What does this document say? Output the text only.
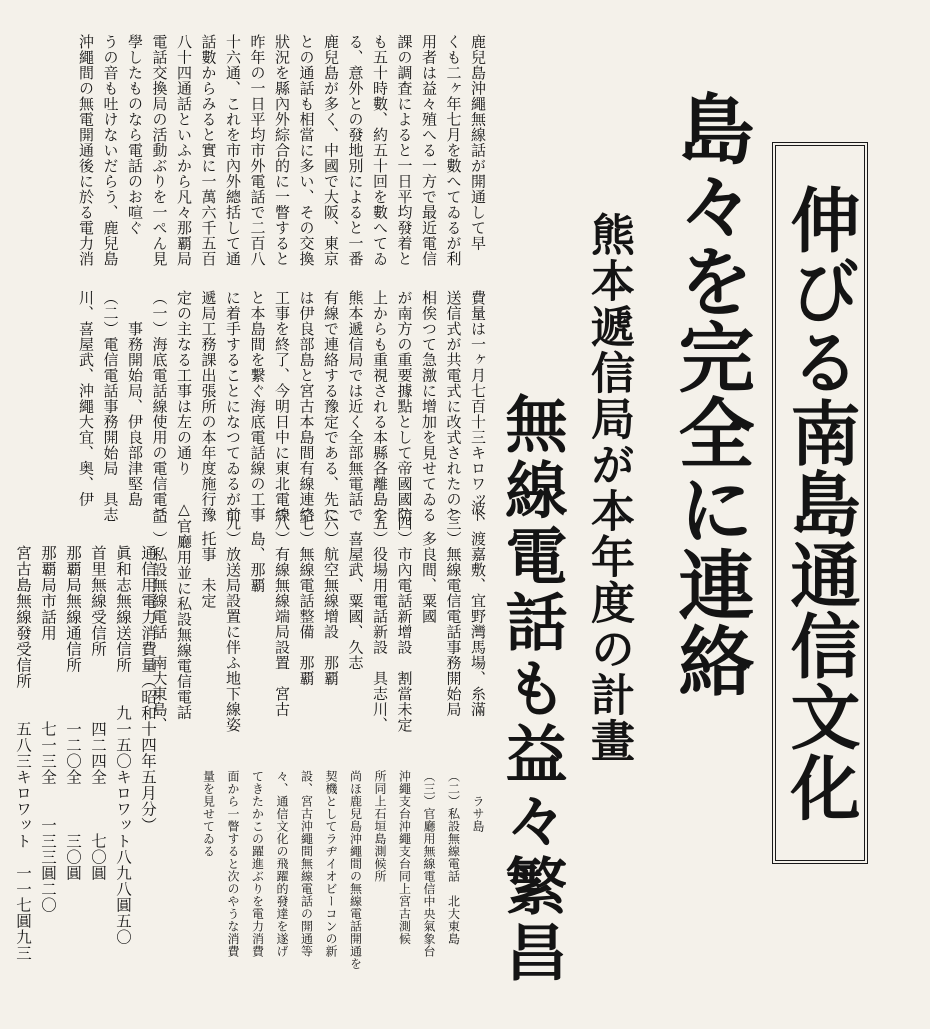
伸びる南島通信文化
島々を完全に連絡
熊本遞信局が本年度の計畫
無線電話も益々繁昌

鹿兒島沖繩無線話が開通して早

くも二ヶ年七月を數へてゐるが利

用者は益々殖へる一方で最近電信

課の調査によると一日平均發着と

も五十時數、約五十回を數へてゐ

る、意外との發地別によると一番

鹿兒島が多く、中國で大阪、東京

との通話も相當に多い、その交換

狀況を縣內外綜合的に一瞥すると

昨年の一日平均市外電話で二百八

十六通、これを市內外總括して通

話數からみると實に一萬六千五百

八十四通話といふから凡々那覇局

電話交換局の活動ぶりを一ぺん見

學したものなら電話のお喧ぐ

うの音も吐けないだらう、鹿兒島

沖繩間の無電開通後に於る電力消

費量は一ヶ月七百十三キロワット

送信式が共電式に改式されたのと

相俟つて急激に增加を見せてゐる

が南方の重要據點として帝國國防

上からも重視される本縣各離島を

熊本遞信局では近く全部無電話で

有線で連絡する豫定である、先に

は伊良部島と宮古本島間有線連絡

工事を終了、今明日中に東北電線

と本島間を繋ぐ海底電話線の工事

に着手することになつてゐるが前

遞局工務課出張所の本年度施行豫

定の主なる工事は左の通り

（一）海底電話線使用の電信電話

　　事務開始局、伊良部津堅島

（二）電信電話事務開始局　具志

川、喜屋武、沖繩大宜、奥、伊

波、渡嘉敷、宜野灣馬場、糸滿

（三）無線電信電話事務開始局

　　多良間、粟國

（四）市內電話新增設　割當未定

（五）役場用電話新設　具志川、

　　喜屋武、粟國、久志

（六）航空無線增設　那覇

（七）無線電話整備　那覇

（八）有線無線端局設置　宮古

　　島、那覇

（九）放送局設置に伴ふ地下線姿

　　托事　未定

△官廳用並に私設無線電信電話

（一）私設無線電話　南大東島、

　　ラサ島

（二）私設無線電話　北大東島

（三）官廳用無線電信中央氣象台

沖繩支台沖繩支台同上宮古測候

所同上石垣島測候所

尚ほ鹿兒島沖繩間の無線電話開通を

契機としてラヂイオビーコンの新

設、宮古沖繩間無線電話の開通等

々、通信文化の飛躍的發達を遂げ

てきたかこの躍進ぶりを電力消費

面から一瞥すると次のやうな消費

量を見せてゐる

通信用電力消費量（昭和十四年五月分）

眞和志無線送信所　　九一五〇キロワット八九八圓五〇

首里無線受信所　　　　四二四全　　　七〇圓

那覇局無線通信所　　　一二〇全　　　三〇圓

那覇局市話用　　　　　七一三全　　一三三圓二〇

宮古島無線發受信所　　五八三キロワット　一一七圓九三
